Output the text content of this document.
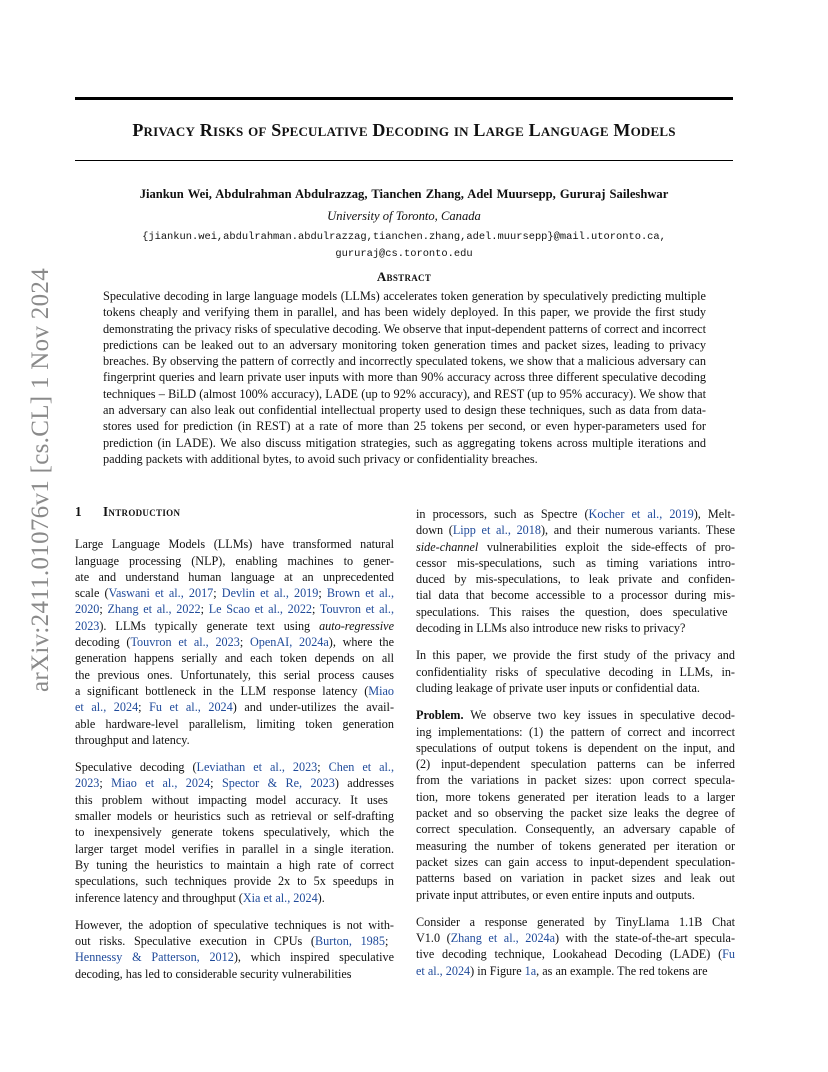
arXiv:2411.01076v1 [cs.CL] 1 Nov 2024
Privacy Risks of Speculative Decoding in Large Language Models
Jiankun Wei, Abdulrahman Abdulrazzag, Tianchen Zhang, Adel Muursepp, Gururaj Saileshwar
University of Toronto, Canada
{jiankun.wei,abdulrahman.abdulrazzag,tianchen.zhang,adel.muursepp}@mail.utoronto.ca,
gururaj@cs.toronto.edu
Abstract
Speculative decoding in large language models (LLMs) accelerates token generation by speculatively predicting multiple tokens cheaply and verifying them in parallel, and has been widely deployed. In this paper, we provide the first study demonstrating the privacy risks of speculative decoding. We observe that input-dependent patterns of correct and incorrect predictions can be leaked out to an adversary monitoring token generation times and packet sizes, leading to privacy breaches. By observing the pattern of correctly and incorrectly speculated tokens, we show that a malicious adversary can fingerprint queries and learn private user inputs with more than 90% accuracy across three different speculative decoding techniques – BiLD (almost 100% accuracy), LADE (up to 92% accuracy), and REST (up to 95% accuracy). We show that an adversary can also leak out confidential intellectual property used to design these techniques, such as data from data-stores used for prediction (in REST) at a rate of more than 25 tokens per second, or even hyper-parameters used for prediction (in LADE). We also discuss mitigation strategies, such as aggregating tokens across multiple iterations and padding packets with additional bytes, to avoid such privacy or confidentiality breaches.
1 Introduction

Large Language Models (LLMs) have transformed natural
language processing (NLP), enabling machines to gener-
ate and understand human language at an unprecedented
scale (Vaswani et al., 2017; Devlin et al., 2019; Brown et al.,
2020; Zhang et al., 2022; Le Scao et al., 2022; Touvron et al.,
2023). LLMs typically generate text using auto-regressive
decoding (Touvron et al., 2023; OpenAI, 2024a), where the
generation happens serially and each token depends on all
the previous ones. Unfortunately, this serial process causes
a significant bottleneck in the LLM response latency (Miao
et al., 2024; Fu et al., 2024) and under-utilizes the avail-
able hardware-level parallelism, limiting token generation
throughput and latency.

Speculative decoding (Leviathan et al., 2023; Chen et al.,
2023; Miao et al., 2024; Spector & Re, 2023) addresses
this problem without impacting model accuracy. It uses
smaller models or heuristics such as retrieval or self-drafting
to inexpensively generate tokens speculatively, which the
larger target model verifies in parallel in a single iteration.
By tuning the heuristics to maintain a high rate of correct
speculations, such techniques provide 2x to 5x speedups in
inference latency and throughput (Xia et al., 2024).

However, the adoption of speculative techniques is not with-
out risks. Speculative execution in CPUs (Burton, 1985;
Hennessy & Patterson, 2012), which inspired speculative
decoding, has led to considerable security vulnerabilities

in processors, such as Spectre (Kocher et al., 2019), Melt-
down (Lipp et al., 2018), and their numerous variants. These
side-channel vulnerabilities exploit the side-effects of pro-
cessor mis-speculations, such as timing variations intro-
duced by mis-speculations, to leak private and confiden-
tial data that become accessible to a processor during mis-
speculations. This raises the question, does speculative
decoding in LLMs also introduce new risks to privacy?

In this paper, we provide the first study of the privacy and
confidentiality risks of speculative decoding in LLMs, in-
cluding leakage of private user inputs or confidential data.

Problem. We observe two key issues in speculative decod-
ing implementations: (1) the pattern of correct and incorrect
speculations of output tokens is dependent on the input, and
(2) input-dependent speculation patterns can be inferred
from the variations in packet sizes: upon correct specula-
tion, more tokens generated per iteration leads to a larger
packet and so observing the packet size leaks the degree of
correct speculation. Consequently, an adversary capable of
measuring the number of tokens generated per iteration or
packet sizes can gain access to input-dependent speculation-
patterns based on variation in packet sizes and leak out
private input attributes, or even entire inputs and outputs.

Consider a response generated by TinyLlama 1.1B Chat
V1.0 (Zhang et al., 2024a) with the state-of-the-art specula-
tive decoding technique, Lookahead Decoding (LADE) (Fu
et al., 2024) in Figure 1a, as an example. The red tokens are
